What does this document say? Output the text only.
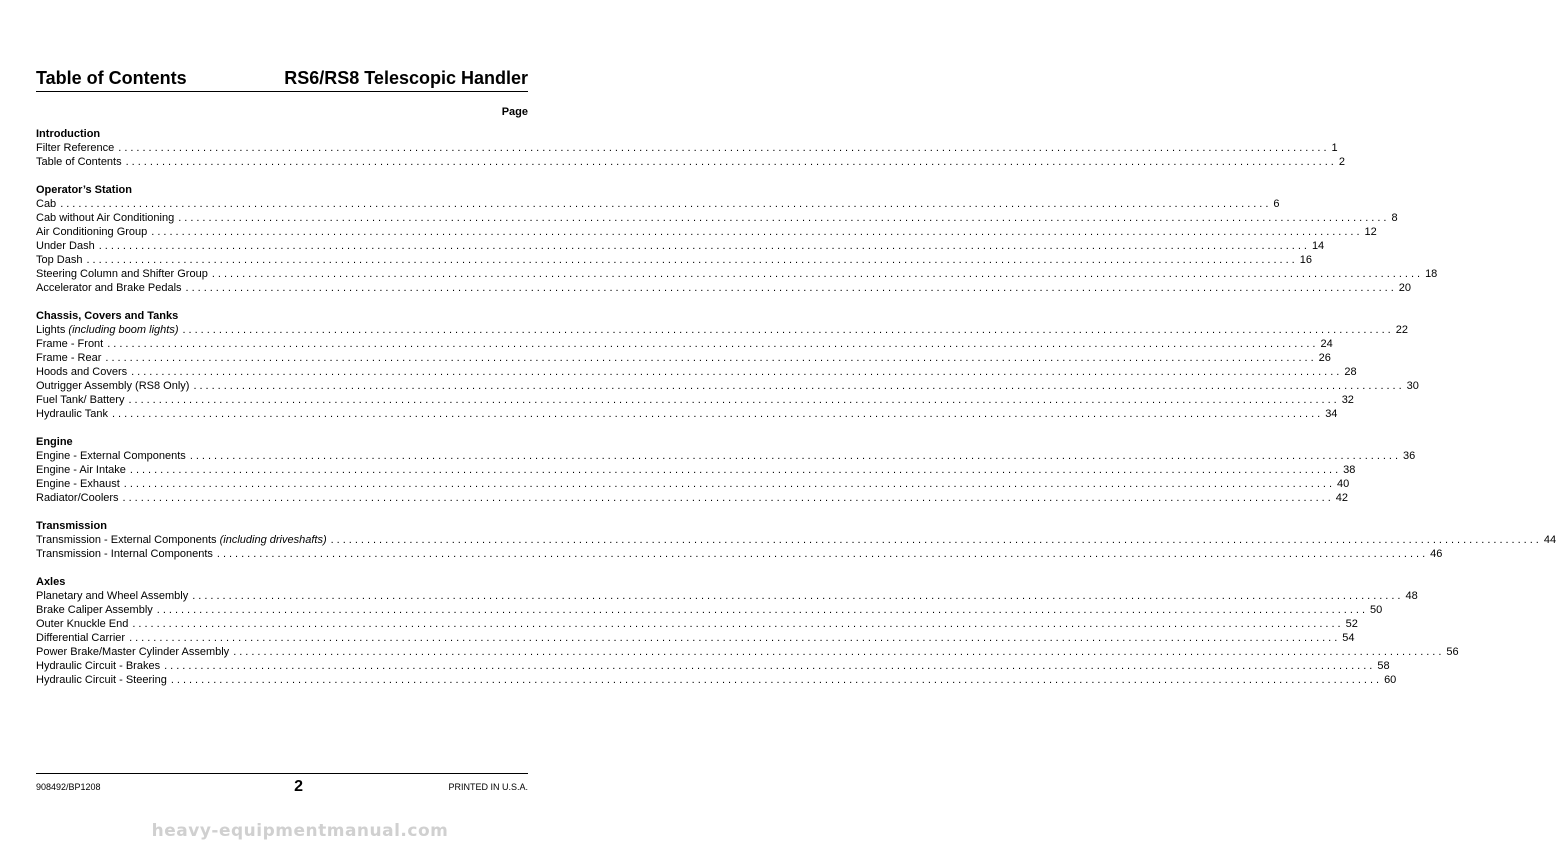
Table of Contents	RS6/RS8 Telescopic Handler
Page
Introduction
Filter Reference ........................................................................................................................................................................................................ 1
Table of Contents ........................................................................................................................................................................................................ 2
Operator’s Station
Cab ........................................................................................................................................................................................................ 6
Cab without Air Conditioning ........................................................................................................................................................................................................ 8
Air Conditioning Group ........................................................................................................................................................................................................ 12
Under Dash ........................................................................................................................................................................................................ 14
Top Dash ........................................................................................................................................................................................................ 16
Steering Column and Shifter Group ........................................................................................................................................................................................................ 18
Accelerator and Brake Pedals ........................................................................................................................................................................................................ 20
Chassis, Covers and Tanks
Lights (including boom lights) ........................................................................................................................................................................................................ 22
Frame - Front ........................................................................................................................................................................................................ 24
Frame - Rear ........................................................................................................................................................................................................ 26
Hoods and Covers ........................................................................................................................................................................................................ 28
Outrigger Assembly (RS8 Only) ........................................................................................................................................................................................................ 30
Fuel Tank/ Battery ........................................................................................................................................................................................................ 32
Hydraulic Tank ........................................................................................................................................................................................................ 34
Engine
Engine - External Components ........................................................................................................................................................................................................ 36
Engine - Air Intake ........................................................................................................................................................................................................ 38
Engine - Exhaust ........................................................................................................................................................................................................ 40
Radiator/Coolers ........................................................................................................................................................................................................ 42
Transmission
Transmission - External Components (including driveshafts) ........................................................................................................................................................................................................ 44
Transmission - Internal Components ........................................................................................................................................................................................................ 46
Axles
Planetary and Wheel Assembly ........................................................................................................................................................................................................ 48
Brake Caliper Assembly ........................................................................................................................................................................................................ 50
Outer Knuckle End ........................................................................................................................................................................................................ 52
Differential Carrier ........................................................................................................................................................................................................ 54
Power Brake/Master Cylinder Assembly ........................................................................................................................................................................................................ 56
Hydraulic Circuit - Brakes ........................................................................................................................................................................................................ 58
Hydraulic Circuit - Steering ........................................................................................................................................................................................................ 60
908492/BP1208	2	PRINTED IN U.S.A.
heavy-equipmentmanual.com
